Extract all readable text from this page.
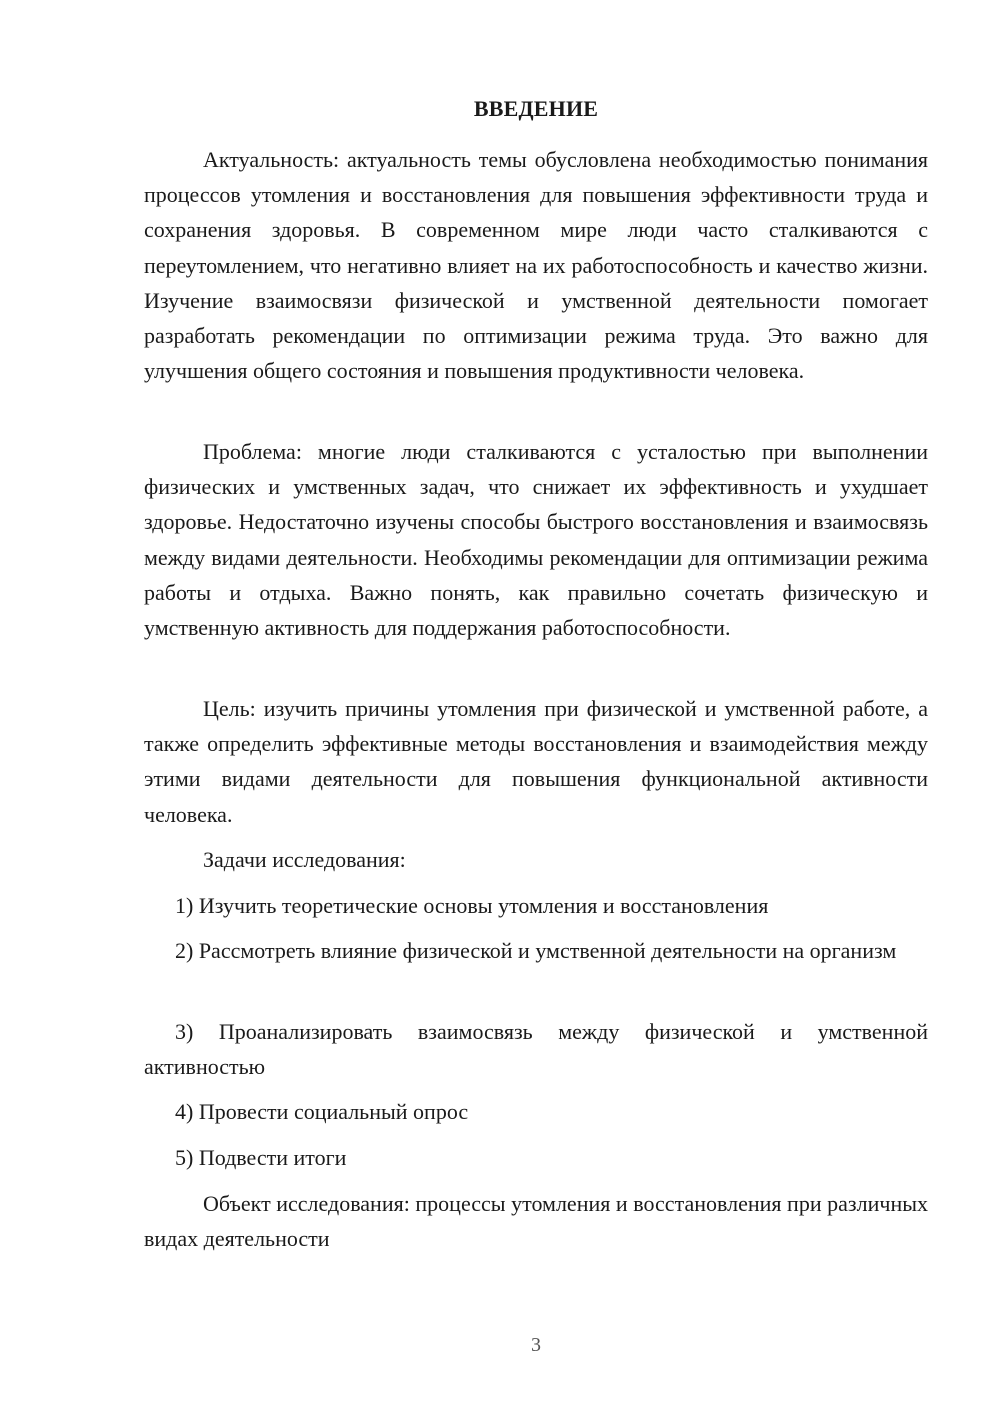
ВВЕДЕНИЕ

Актуальность: актуальность темы обусловлена необходимостью понимания процессов утомления и восстановления для повышения эффективности труда и сохранения здоровья. В современном мире люди часто сталкиваются с переутомлением, что негативно влияет на их работоспособность и качество жизни. Изучение взаимосвязи физической и умственной деятельности помогает разработать рекомендации по оптимизации режима труда. Это важно для улучшения общего состояния и повышения продуктивности человека.

Проблема: многие люди сталкиваются с усталостью при выполнении физических и умственных задач, что снижает их эффективность и ухудшает здоровье. Недостаточно изучены способы быстрого восстановления и взаимосвязь между видами деятельности. Необходимы рекомендации для оптимизации режима работы и отдыха. Важно понять, как правильно сочетать физическую и умственную активность для поддержания работоспособности.

Цель: изучить причины утомления при физической и умственной работе, а также определить эффективные методы восстановления и взаимодействия между этими видами деятельности для повышения функциональной активности человека.

Задачи исследования:

1) Изучить теоретические основы утомления и восстановления

2) Рассмотреть влияние физической и умственной деятельности на организм

3) Проанализировать взаимосвязь между физической и умственной активностью

4) Провести социальный опрос

5) Подвести итоги

Объект исследования: процессы утомления и восстановления при различных видах деятельности

3
